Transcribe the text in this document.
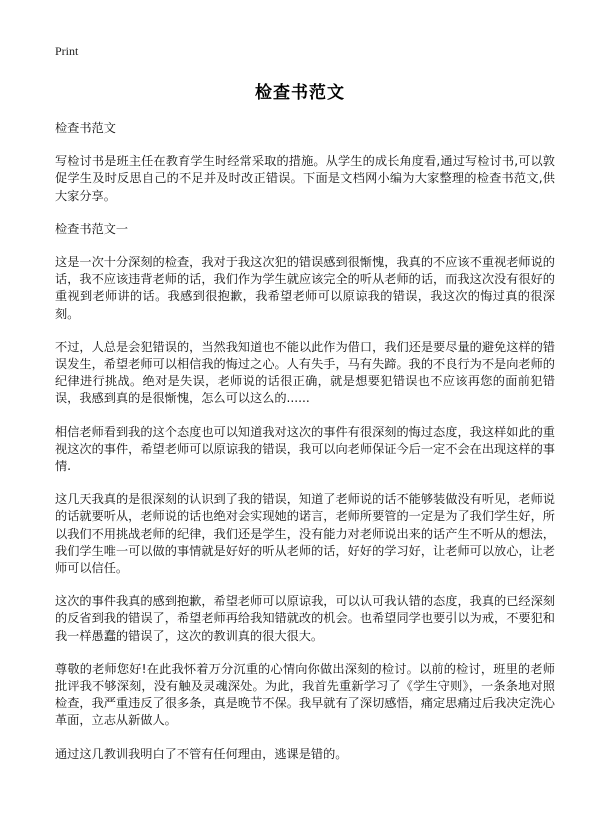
Print
检查书范文

检查书范文

写检讨书是班主任在教育学生时经常采取的措施。从学生的成长角度看,通过写检讨书,可以敦促学生及时反思自己的不足并及时改正错误。下面是文档网小编为大家整理的检查书范文,供大家分享。

检查书范文一

这是一次十分深刻的检查，我对于我这次犯的错误感到很惭愧，我真的不应该不重视老师说的话，我不应该违背老师的话，我们作为学生就应该完全的听从老师的话，而我这次没有很好的重视到老师讲的话。我感到很抱歉，我希望老师可以原谅我的错误，我这次的悔过真的很深刻。

不过，人总是会犯错误的，当然我知道也不能以此作为借口，我们还是要尽量的避免这样的错误发生，希望老师可以相信我的悔过之心。人有失手，马有失蹄。我的不良行为不是向老师的纪律进行挑战。绝对是失误，老师说的话很正确，就是想要犯错误也不应该再您的面前犯错误，我感到真的是很惭愧，怎么可以这么的......

相信老师看到我的这个态度也可以知道我对这次的事件有很深刻的悔过态度，我这样如此的重视这次的事件，希望老师可以原谅我的错误，我可以向老师保证今后一定不会在出现这样的事情.

这几天我真的是很深刻的认识到了我的错误，知道了老师说的话不能够装做没有听见，老师说的话就要听从，老师说的话也绝对会实现她的诺言，老师所要管的一定是为了我们学生好，所以我们不用挑战老师的纪律，我们还是学生，没有能力对老师说出来的话产生不听从的想法，我们学生唯一可以做的事情就是好好的听从老师的话，好好的学习好，让老师可以放心，让老师可以信任。

这次的事件我真的感到抱歉，希望老师可以原谅我，可以认可我认错的态度，我真的已经深刻的反省到我的错误了，希望老师再给我知错就改的机会。也希望同学也要引以为戒，不要犯和我一样愚蠢的错误了，这次的教训真的很大很大。

尊敬的老师您好!在此我怀着万分沉重的心情向你做出深刻的检讨。以前的检讨，班里的老师批评我不够深刻，没有触及灵魂深处。为此，我首先重新学习了《学生守则》，一条条地对照检查，我严重违反了很多条，真是晚节不保。我早就有了深切感悟，痛定思痛过后我决定洗心革面，立志从新做人。

通过这几教训我明白了不管有任何理由，逃课是错的。
